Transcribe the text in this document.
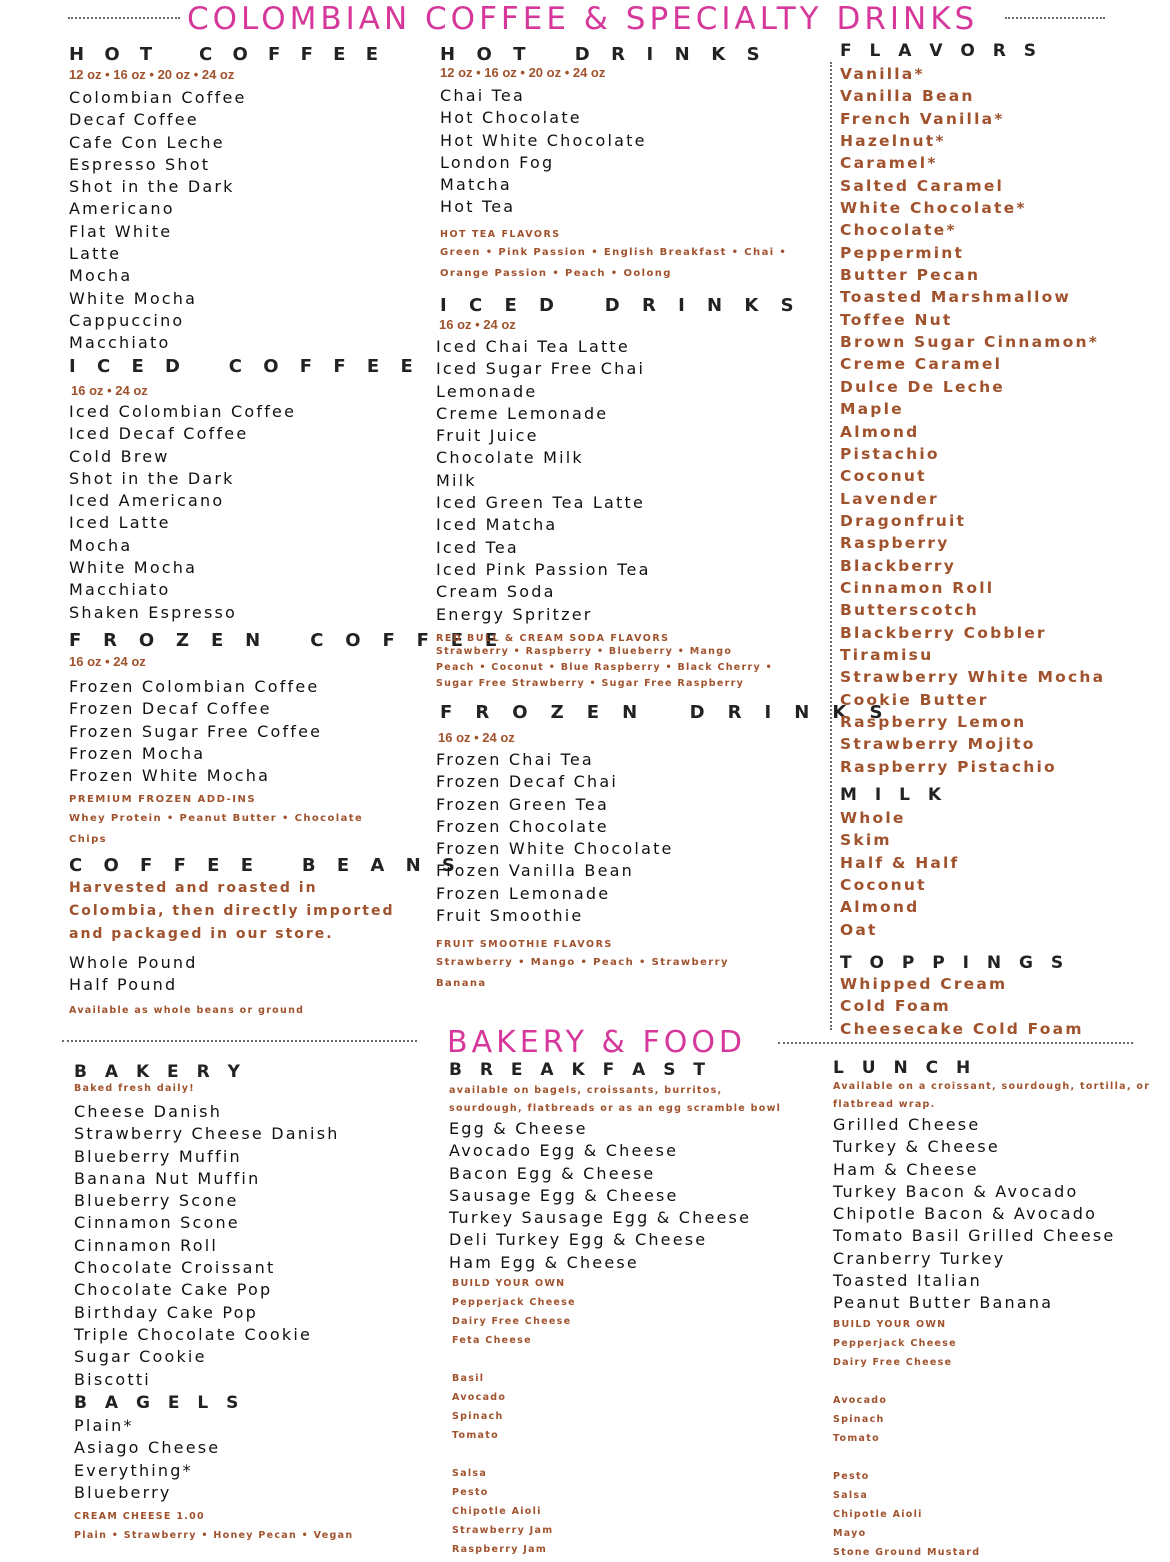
COLOMBIAN COFFEE & SPECIALTY DRINKS
H O T   C O F F E E
12 oz • 16 oz • 20 oz • 24 oz
Colombian Coffee
Decaf Coffee
Cafe Con Leche
Espresso Shot
Shot in the Dark
Americano
Flat White
Latte
Mocha
White Mocha
Cappuccino
Macchiato
I C E D   C O F F E E
16 oz • 24 oz
Iced Colombian Coffee
Iced Decaf Coffee
Cold Brew
Shot in the Dark
Iced Americano
Iced Latte
Mocha
White Mocha
Macchiato
Shaken Espresso
F R O Z E N   C O F F E E
16 oz • 24 oz
Frozen Colombian Coffee
Frozen Decaf Coffee
Frozen Sugar Free Coffee
Frozen Mocha
Frozen White Mocha
PREMIUM FROZEN ADD-INS
Whey Protein • Peanut Butter • Chocolate Chips
C O F F E E   B E A N S
Harvested and roasted in Colombia, then directly imported and packaged in our store.
Whole Pound
Half Pound
Available as whole beans or ground
H O T   D R I N K S
12 oz • 16 oz • 20 oz • 24 oz
Chai Tea
Hot Chocolate
Hot White Chocolate
London Fog
Matcha
Hot Tea
HOT TEA FLAVORS
Green • Pink Passion • English Breakfast • Chai • Orange Passion • Peach • Oolong
I C E D   D R I N K S
16 oz • 24 oz
Iced Chai Tea Latte
Iced Sugar Free Chai
Lemonade
Creme Lemonade
Fruit Juice
Chocolate Milk
Milk
Iced Green Tea Latte
Iced Matcha
Iced Tea
Iced Pink Passion Tea
Cream Soda
Energy Spritzer
RED BULL & CREAM SODA FLAVORS
Strawberry • Raspberry • Blueberry • Mango
Peach • Coconut • Blue Raspberry • Black Cherry •
Sugar Free Strawberry • Sugar Free Raspberry
F R O Z E N   D R I N K S
16 oz • 24 oz
Frozen Chai Tea
Frozen Decaf Chai
Frozen Green Tea
Frozen Chocolate
Frozen White Chocolate
Frozen Vanilla Bean
Frozen Lemonade
Fruit Smoothie
FRUIT SMOOTHIE FLAVORS
Strawberry • Mango • Peach • Strawberry Banana
F L A V O R S
Vanilla*
Vanilla Bean
French Vanilla*
Hazelnut*
Caramel*
Salted Caramel
White Chocolate*
Chocolate*
Peppermint
Butter Pecan
Toasted Marshmallow
Toffee Nut
Brown Sugar Cinnamon*
Creme Caramel
Dulce De Leche
Maple
Almond
Pistachio
Coconut
Lavender
Dragonfruit
Raspberry
Blackberry
Cinnamon Roll
Butterscotch
Blackberry Cobbler
Tiramisu
Strawberry White Mocha
Cookie Butter
Raspberry Lemon
Strawberry Mojito
Raspberry Pistachio
M I L K
Whole
Skim
Half & Half
Coconut
Almond
Oat
T O P P I N G S
Whipped Cream
Cold Foam
Cheesecake Cold Foam
BAKERY & FOOD
B A K E R Y
Baked fresh daily!
Cheese Danish
Strawberry Cheese Danish
Blueberry Muffin
Banana Nut Muffin
Blueberry Scone
Cinnamon Scone
Cinnamon Roll
Chocolate Croissant
Chocolate Cake Pop
Birthday Cake Pop
Triple Chocolate Cookie
Sugar Cookie
Biscotti
B A G E L S
Plain*
Asiago Cheese
Everything*
Blueberry
CREAM CHEESE 1.00
Plain • Strawberry • Honey Pecan • Vegan
B R E A K F A S T
available on bagels, croissants, burritos,
sourdough, flatbreads or as an egg scramble bowl
Egg & Cheese
Avocado Egg & Cheese
Bacon Egg & Cheese
Sausage Egg & Cheese
Turkey Sausage Egg & Cheese
Deli Turkey Egg & Cheese
Ham Egg & Cheese
BUILD YOUR OWN
Pepperjack Cheese
Dairy Free Cheese
Feta Cheese
Basil
Avocado
Spinach
Tomato
Salsa
Pesto
Chipotle Aioli
Strawberry Jam
Raspberry Jam
L U N C H
Available on a croissant, sourdough, tortilla, or
flatbread wrap.
Grilled Cheese
Turkey & Cheese
Ham & Cheese
Turkey Bacon & Avocado
Chipotle Bacon & Avocado
Tomato Basil Grilled Cheese
Cranberry Turkey
Toasted Italian
Peanut Butter Banana
BUILD YOUR OWN
Pepperjack Cheese
Dairy Free Cheese
Avocado
Spinach
Tomato
Pesto
Salsa
Chipotle Aioli
Mayo
Stone Ground Mustard
